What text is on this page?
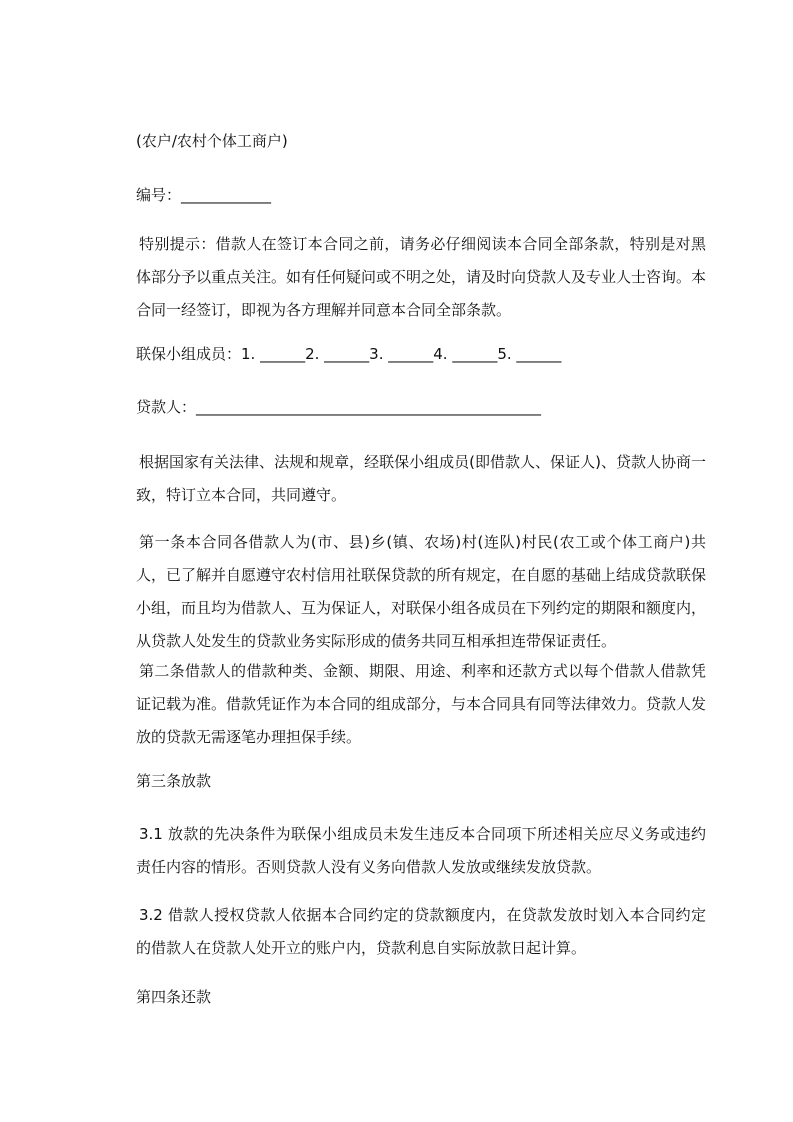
(农户/农村个体工商户)
编号：____________
特别提示：借款人在签订本合同之前，请务必仔细阅读本合同全部条款，特别是对黑体部分予以重点关注。如有任何疑问或不明之处，请及时向贷款人及专业人士咨询。本合同一经签订，即视为各方理解并同意本合同全部条款。
联保小组成员：1. ______2. ______3. ______4. ______5. ______
贷款人：______________________________________________
根据国家有关法律、法规和规章，经联保小组成员(即借款人、保证人)、贷款人协商一致，特订立本合同，共同遵守。
第一条本合同各借款人为(市、县)乡(镇、农场)村(连队)村民(农工或个体工商户)共人，已了解并自愿遵守农村信用社联保贷款的所有规定，在自愿的基础上结成贷款联保小组，而且均为借款人、互为保证人，对联保小组各成员在下列约定的期限和额度内，从贷款人处发生的贷款业务实际形成的债务共同互相承担连带保证责任。
第二条借款人的借款种类、金额、期限、用途、利率和还款方式以每个借款人借款凭证记载为准。借款凭证作为本合同的组成部分，与本合同具有同等法律效力。贷款人发放的贷款无需逐笔办理担保手续。
第三条放款
3.1 放款的先决条件为联保小组成员未发生违反本合同项下所述相关应尽义务或违约责任内容的情形。否则贷款人没有义务向借款人发放或继续发放贷款。
3.2 借款人授权贷款人依据本合同约定的贷款额度内，在贷款发放时划入本合同约定的借款人在贷款人处开立的账户内，贷款利息自实际放款日起计算。
第四条还款
